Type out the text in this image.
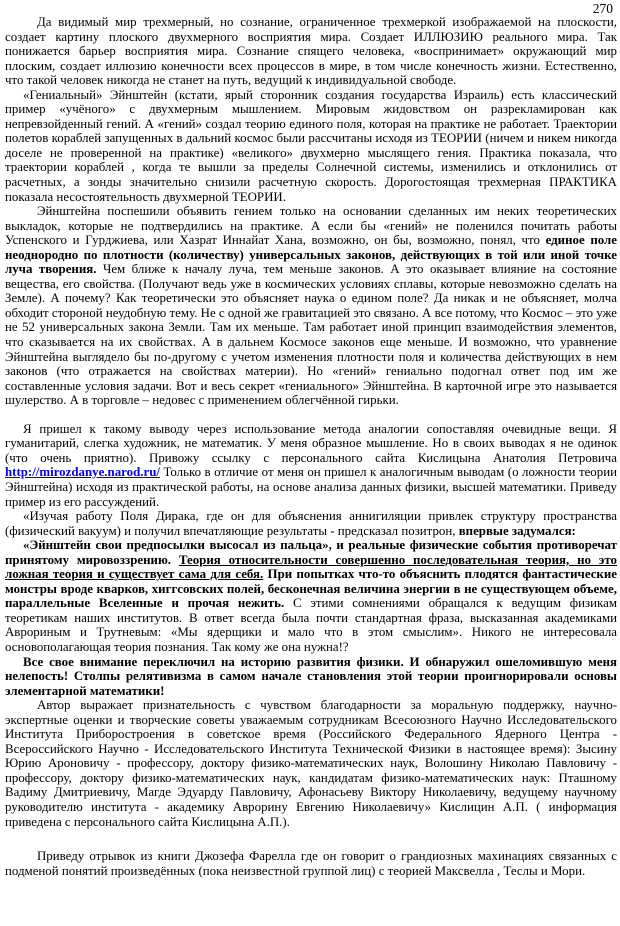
270

Да видимый мир трехмерный, но сознание, ограниченное трехмеркой изображаемой на плоскости, создает картину плоского двухмерного восприятия мира. Создает ИЛЛЮЗИЮ реального мира. Так понижается барьер восприятия мира. Сознание спящего человека, «воспринимает» окружающий мир плоским, создает иллюзию конечности всех процессов в мире, в том числе конечность жизни. Естественно, что такой человек никогда не станет на путь, ведущий к индивидуальной свободе.

«Гениальный» Эйнштейн (кстати, ярый сторонник создания государства Израиль) есть классический пример «учёного» с двухмерным мышлением. Мировым жидовством он разрекламирован как непревзойденный гений. А «гений» создал теорию единого поля, которая на практике не работает. Траектории полетов кораблей запущенных в дальний космос были рассчитаны исходя из ТЕОРИИ (ничем и никем никогда доселе не проверенной на практике) «великого» двухмерно мыслящего гения. Практика показала, что траектории кораблей , когда те вышли за пределы Солнечной системы, изменились и отклонились от расчетных, а зонды значительно снизили расчетную скорость. Дорогостоящая трехмерная ПРАКТИКА показала несостоятельность двухмерной ТЕОРИИ.

Эйнштейна поспешили объявить гением только на основании сделанных им неких теоретических выкладок, которые не подтвердились на практике. А если бы «гений» не поленился почитать работы Успенского и Гурджиева, или Хазрат Иннайат Хана, возможно, он бы, возможно, понял, что единое поле неоднородно по плотности (количеству) универсальных законов, действующих в той или иной точке луча творения. Чем ближе к началу луча, тем меньше законов. А это оказывает влияние на состояние вещества, его свойства. (Получают ведь уже в космических условиях сплавы, которые невозможно сделать на Земле). А почему? Как теоретически это объясняет наука о едином поле? Да никак и не объясняет, молча обходит стороной неудобную тему. Не с одной же гравитацией это связано. А все потому, что Космос – это уже не 52 универсальных закона Земли. Там их меньше. Там работает иной принцип взаимодействия элементов, что сказывается на их свойствах. А в дальнем Космосе законов еще меньше. И возможно, что уравнение Эйнштейна выглядело бы по-другому с учетом изменения плотности поля и количества действующих в нем законов (что отражается на свойствах материи). Но «гений» гениально подогнал ответ под им же составленные условия задачи. Вот и весь секрет «гениального» Эйнштейна. В карточной игре это называется шулерство. А в торговле – недовес с применением облегчённой гирьки.

Я пришел к такому выводу через использование метода аналогии сопоставляя очевидные вещи. Я гуманитарий, слегка художник, не математик. У меня образное мышление. Но в своих выводах я не одинок (что очень приятно). Привожу ссылку с персонального сайта Кислицына Анатолия Петровича http://mirozdanye.narod.ru/ Только в отличие от меня он пришел к аналогичным выводам (о ложности теории Эйнштейна) исходя из практической работы, на основе анализа данных физики, высшей математики. Приведу пример из его рассуждений.

«Изучая работу Поля Дирака, где он для объяснения аннигиляции привлек структуру пространства (физический вакуум) и получил впечатляющие результаты - предсказал позитрон, впервые задумался:

«Эйнштейн свои предпосылки высосал из пальца», и реальные физические события противоречат принятому мировоззрению. Теория относительности совершенно последовательная теория, но это ложная теория и существует сама для себя. При попытках что-то объяснить плодятся фантастические монстры вроде кварков, хиггсовских полей, бесконечная величина энергии в не существующем объеме, параллельные Вселенные и прочая нежить. С этими сомнениями обращался к ведущим физикам теоретикам наших институтов. В ответ всегда была почти стандартная фраза, высказанная академиками Аврориным и Трутневым: «Мы ядерщики и мало что в этом смыслим». Никого не интересовала основополагающая теория познания. Так кому же она нужна!?

Все свое внимание переключил на историю развития физики. И обнаружил ошеломившую меня нелепость! Столпы релятивизма в самом начале становления этой теории проигнорировали основы элементарной математики!

Автор выражает признательность с чувством благодарности за моральную поддержку, научно-экспертные оценки и творческие советы уважаемым сотрудникам Всесоюзного Научно Исследовательского Института Приборостроения в советское время (Российского Федерального Ядерного Центра - Всероссийского Научно - Исследовательского Института Технической Физики в настоящее время): Зысину Юрию Ароновичу - профессору, доктору физико-математических наук, Волошину Николаю Павловичу - профессору, доктору физико-математических наук, кандидатам физико-математических наук: Пташному Вадиму Дмитриевичу, Магде Эдуарду Павловичу, Афонасьеву Виктору Николаевичу, ведущему научному руководителю института - академику Аврорину Евгению Николаевичу» Кислицин А.П. ( информация приведена с персонального сайта Кислицына А.П.).

Приведу отрывок из книги Джозефа Фарелла где он говорит о грандиозных махинациях связанных с подменой понятий произведённых (пока неизвестной группой лиц) с теорией Максвелла , Теслы и Мори.
